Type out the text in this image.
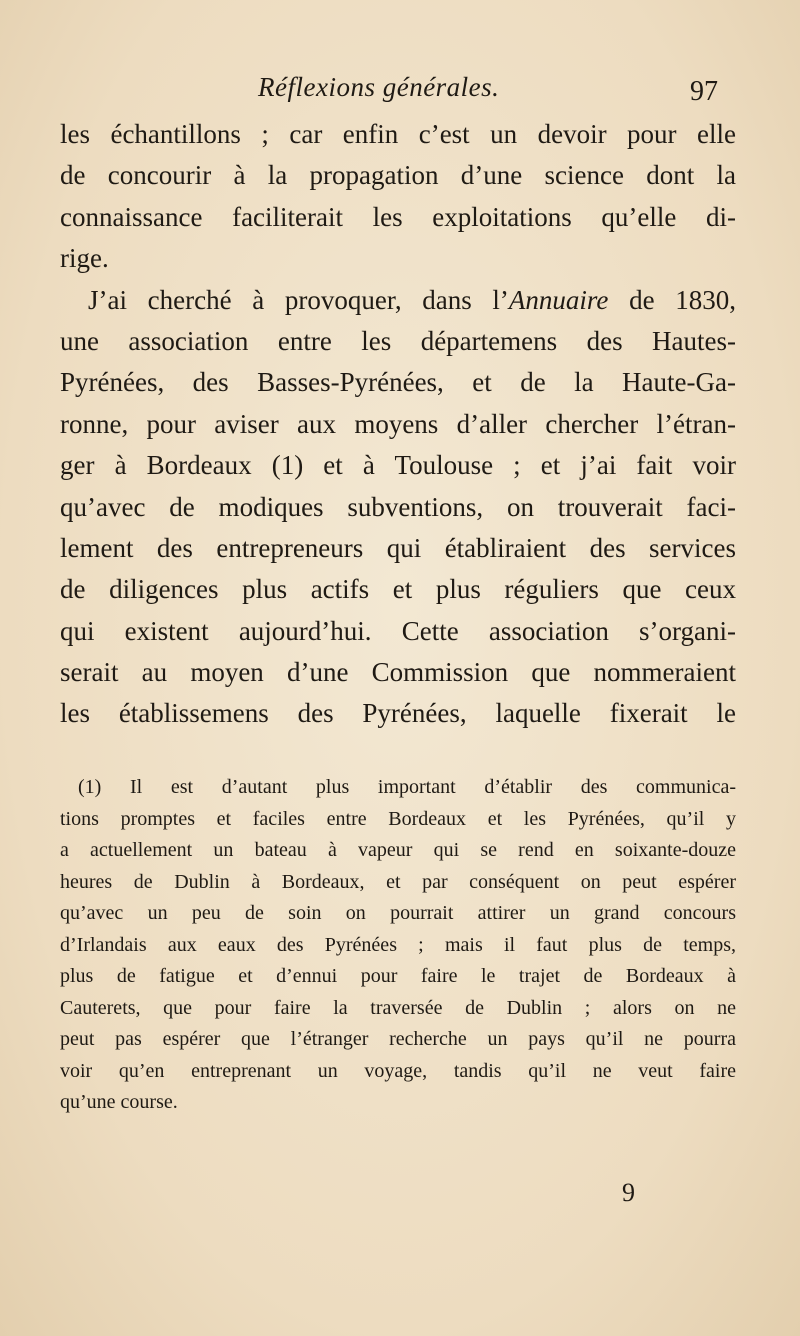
Réflexions générales.	97
les échantillons ; car enfin c’est un devoir pour elle
de concourir à la propagation d’une science dont la
connaissance faciliterait les exploitations qu’elle di-
rige.
J’ai cherché à provoquer, dans l’Annuaire de 1830,
une association entre les départemens des Hautes-
Pyrénées, des Basses-Pyrénées, et de la Haute-Ga-
ronne, pour aviser aux moyens d’aller chercher l’étran-
ger à Bordeaux (1) et à Toulouse ; et j’ai fait voir
qu’avec de modiques subventions, on trouverait faci-
lement des entrepreneurs qui établiraient des services
de diligences plus actifs et plus réguliers que ceux
qui existent aujourd’hui. Cette association s’organi-
serait au moyen d’une Commission que nommeraient
les établissemens des Pyrénées, laquelle fixerait le
(1) Il est d’autant plus important d’établir des communica-
tions promptes et faciles entre Bordeaux et les Pyrénées, qu’il y
a actuellement un bateau à vapeur qui se rend en soixante-douze
heures de Dublin à Bordeaux, et par conséquent on peut espérer
qu’avec un peu de soin on pourrait attirer un grand concours
d’Irlandais aux eaux des Pyrénées ; mais il faut plus de temps,
plus de fatigue et d’ennui pour faire le trajet de Bordeaux à
Cauterets, que pour faire la traversée de Dublin ; alors on ne
peut pas espérer que l’étranger recherche un pays qu’il ne pourra
voir qu’en entreprenant un voyage, tandis qu’il ne veut faire
qu’une course.
9
